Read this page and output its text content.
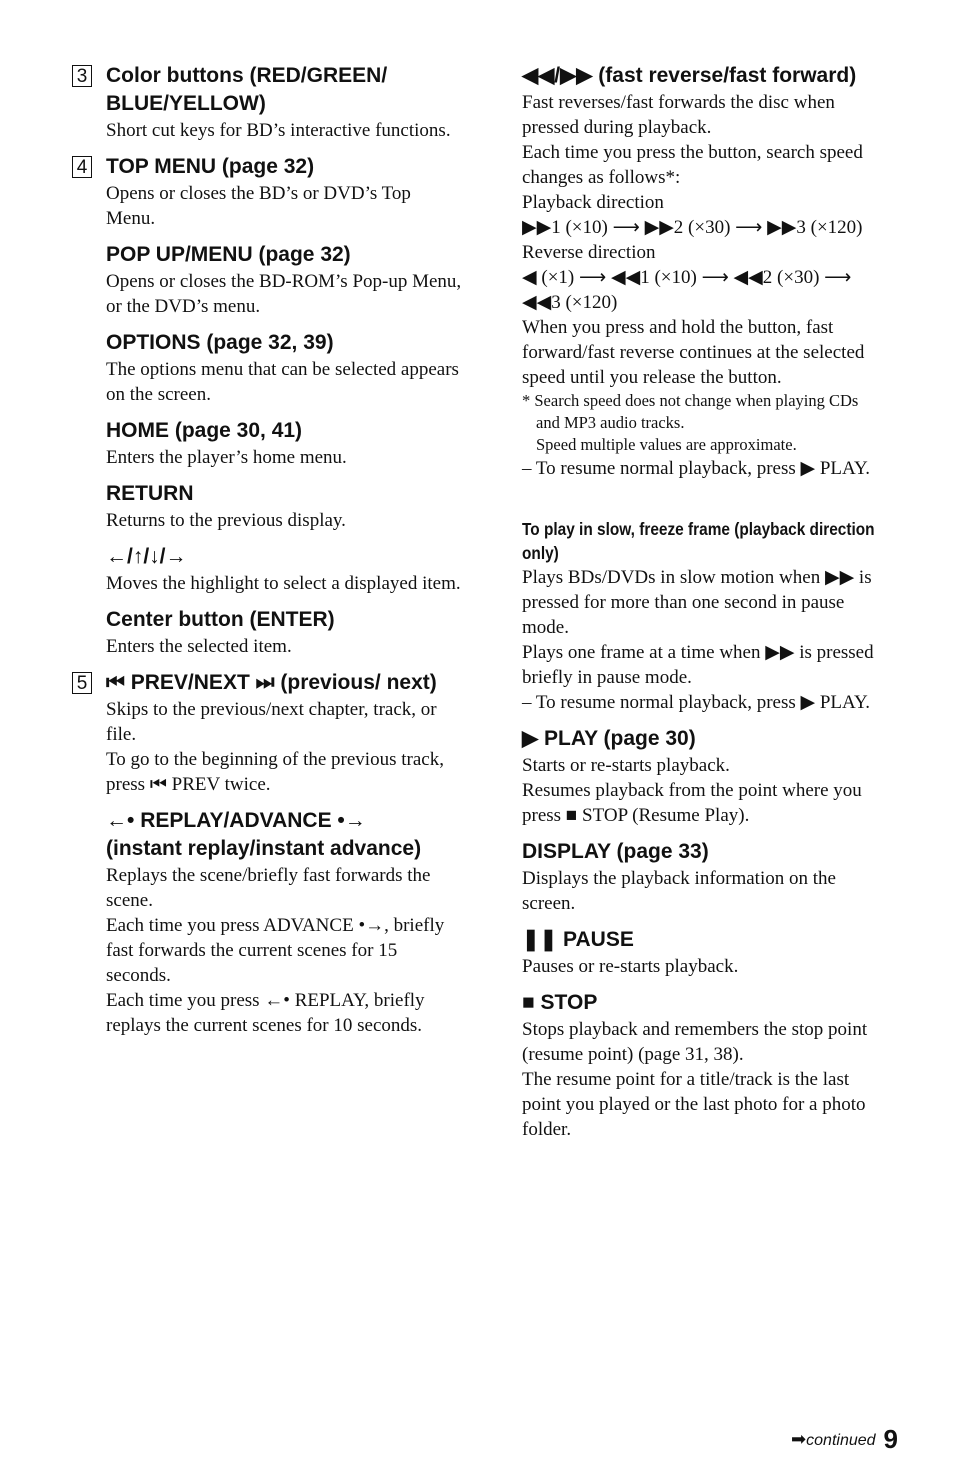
3 Color buttons (RED/GREEN/ BLUE/YELLOW)

Short cut keys for BD’s interactive functions.

4 TOP MENU (page 32)

Opens or closes the BD’s or DVD’s Top Menu.

POP UP/MENU (page 32)

Opens or closes the BD-ROM’s Pop-up Menu, or the DVD’s menu.

OPTIONS (page 32, 39)

The options menu that can be selected appears on the screen.

HOME (page 30, 41)

Enters the player’s home menu.

RETURN

Returns to the previous display.

←/↑/↓/→

Moves the highlight to select a displayed item.

Center button (ENTER)

Enters the selected item.

5 ⏮ PREV/NEXT ⏭ (previous/ next)

Skips to the previous/next chapter, track, or file.

To go to the beginning of the previous track, press ⏮ PREV twice.

←• REPLAY/ADVANCE •→
(instant replay/instant advance)

Replays the scene/briefly fast forwards the scene.

Each time you press ADVANCE •→, briefly fast forwards the current scenes for 15 seconds.

Each time you press ←• REPLAY, briefly replays the current scenes for 10 seconds.

◀◀/▶▶ (fast reverse/fast forward)

Fast reverses/fast forwards the disc when pressed during playback.

Each time you press the button, search speed changes as follows*:

Playback direction

▶▶1 (×10) ⟶ ▶▶2 (×30) ⟶ ▶▶3 (×120)

Reverse direction

◀ (×1) ⟶ ◀◀1 (×10) ⟶ ◀◀2 (×30) ⟶ ◀◀3 (×120)

When you press and hold the button, fast forward/fast reverse continues at the selected speed until you release the button.

* Search speed does not change when playing CDs and MP3 audio tracks.

Speed multiple values are approximate.

– To resume normal playback, press ▶ PLAY.

To play in slow, freeze frame (playback direction only)

Plays BDs/DVDs in slow motion when ▶▶ is pressed for more than one second in pause mode.

Plays one frame at a time when ▶▶ is pressed briefly in pause mode.

– To resume normal playback, press ▶ PLAY.

▶ PLAY (page 30)

Starts or re-starts playback.

Resumes playback from the point where you press ■ STOP (Resume Play).

DISPLAY (page 33)

Displays the playback information on the screen.

❚❚ PAUSE

Pauses or re-starts playback.

■ STOP

Stops playback and remembers the stop point (resume point) (page 31, 38).

The resume point for a title/track is the last point you played or the last photo for a photo folder.

➡continued 9
